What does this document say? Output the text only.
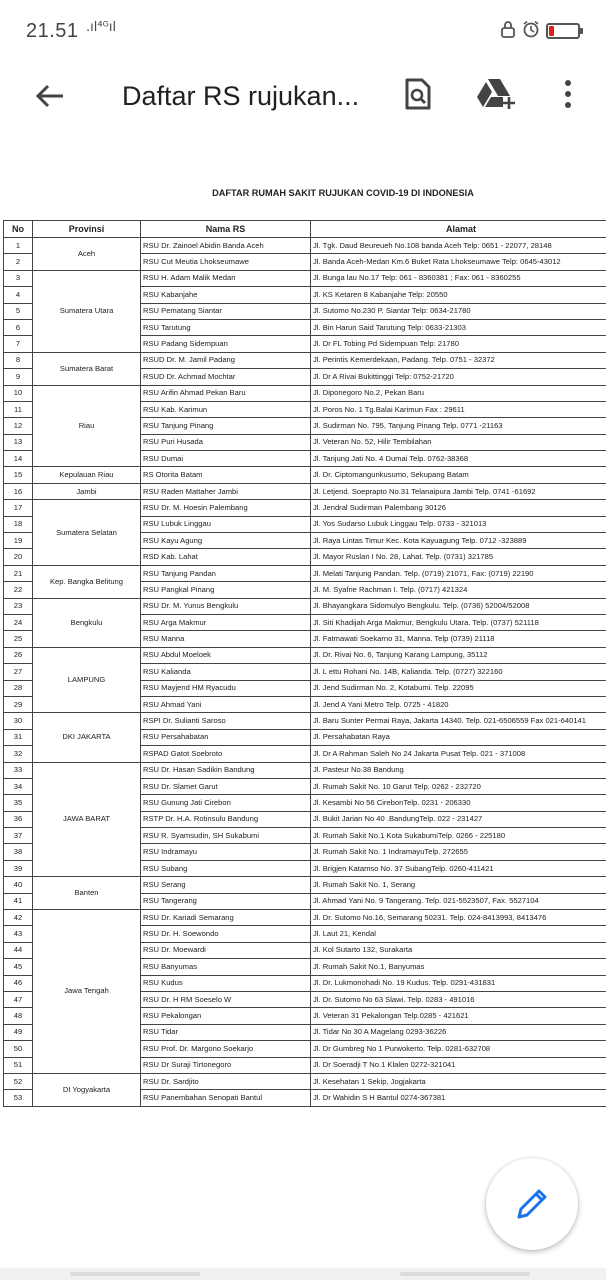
21.51 .ıl⁴ᴳıl
Daftar RS rujukan...
DAFTAR RUMAH SAKIT RUJUKAN COVID-19 DI INDONESIA
No	Provinsi	Nama RS	Alamat
1	Aceh	RSU Dr. Zainoel Abidin Banda Aceh	Jl. Tgk. Daud Beureueh No.108 banda Aceh Telp: 0651 - 22077, 28148
2		RSU Cut Meutia Lhokseumawe	Jl. Banda Aceh-Medan Km.6 Buket Rata Lhokseumawe Telp: 0645-43012
3	Sumatera Utara	RSU H. Adam Malik Medan	Jl. Bunga lau No.17 Telp: 061 - 8360381 ; Fax: 061 - 8360255
4		RSU Kabanjahe	Jl. KS Ketaren 8 Kabanjahe Telp: 20550
5		RSU Pematang Siantar	Jl. Sutomo No.230 P. Siantar Telp: 0634-21780
6		RSU Tarutung	Jl. Bin Harun Said Tarutung Telp: 0633-21303
7		RSU Padang Sidempuan	Jl. Dr FL Tobing Pd Sidempuan Telp: 21780
8	Sumatera Barat	RSUD Dr. M. Jamil Padang	Jl. Perintis Kemerdekaan, Padang. Telp. 0751 - 32372
9		RSUD Dr. Achmad Mochtar	Jl. Dr A Rivai Bukittinggi Telp: 0752-21720
10	Riau	RSU Arifin Ahmad Pekan Baru	Jl. Diponegoro No.2, Pekan Baru
11		RSU Kab. Karimun	Jl. Poros No. 1 Tg.Balai Karimun Fax : 29611
12		RSU Tanjung Pinang	Jl. Sudirman No. 795, Tanjung Pinang Telp. 0771 -21163
13		RSU Puri Husada	Jl. Veteran No. 52, Hilir Tembilahan
14		RSU Dumai	Jl. Tanjung Jati No. 4 Dumai Telp. 0762-38368
15	Kepulauan Riau	RS Otorita Batam	Jl. Dr. Ciptomangunkusumo, Sekupang Batam
16	Jambi	RSU Raden Mattaher Jambi	Jl. Letjend. Soeprapto No.31 Telanaipura Jambi Telp. 0741 -61692
17	Sumatera Selatan	RSU Dr. M. Hoesin Palembang	Jl. Jendral Sudirman Palembang 30126
18		RSU Lubuk Linggau	Jl. Yos Sudarso Lubuk Linggau Telp. 0733 - 321013
19		RSU Kayu Agung	Jl. Raya Lintas Timur Kec. Kota Kayuagung Telp. 0712 -323889
20		RSD Kab. Lahat	Jl. Mayor Ruslan I No. 28, Lahat. Telp. (0731) 321785
21	Kep. Bangka Belitung	RSU Tanjung Pandan	Jl. Melati Tanjung Pandan. Telp. (0719) 21071, Fax: (0719) 22190
22		RSU Pangkal Pinang	Jl. M. Syafrie Rachman I. Telp. (0717) 421324
23	Bengkulu	RSU Dr. M. Yunus Bengkulu	Jl. Bhayangkara Sidomulyo Bengkulu. Telp. (0736) 52004/52008
24		RSU Arga Makmur	Jl. Siti Khadijah Arga Makmur, Bengkulu Utara. Telp. (0737) 521118
25		RSU Manna	Jl. Fatmawati Soekarno 31, Manna. Telp (0739) 21118
26	LAMPUNG	RSU Abdul Moeloek	Jl. Dr. Rivai No. 6, Tanjung Karang Lampung, 35112
27		RSU Kalianda	Jl. L ettu Rohani No. 14B, Kalianda. Telp. (0727) 322160
28		RSU Mayjend HM Ryacudu	Jl. Jend Sudirman No. 2, Kotabumi. Telp. 22095
29		RSU Ahmad Yani	Jl. Jend A Yani Metro Telp. 0725 - 41820
30	DKI JAKARTA	RSPI Dr. Sulianti Saroso	Jl. Baru Sunter Permai Raya, Jakarta 14340. Telp. 021-6506559 Fax 021-640141
31		RSU Persahabatan	Jl. Persahabatan Raya
32		RSPAD Gatot Soebroto	Jl. Dr A Rahman Saleh No 24 Jakarta Pusat Telp. 021 - 371008
33	JAWA BARAT	RSU Dr. Hasan Sadikin Bandung	Jl. Pasteur No.38 Bandung
34		RSU Dr. Slamet Garut	Jl. Rumah Sakit No. 10 Garut Telp. 0262 - 232720
35		RSU Gunung Jati Cirebon	Jl. Kesambi No 56 CirebonTelp. 0231 - 206330
36		RSTP Dr. H.A. Rotinsulu Bandung	Jl. Bukit Jarian No 40 .BandungTelp. 022 - 231427
37		RSU R. Syamsudin, SH Sukabumi	Jl. Rumah Sakit No.1 Kota SukabumiTelp. 0266 - 225180
38		RSU Indramayu	Jl. Rumah Sakit No. 1 IndramayuTelp. 272655
39		RSU Subang	Jl. Brigjen Katamso No. 37 SubangTelp. 0260-411421
40	Banten	RSU Serang	Jl. Rumah Sakit No. 1, Serang
41		RSU Tangerang	Jl. Ahmad Yani No. 9 Tangerang. Telp. 021-5523507, Fax. 5527104
42	Jawa Tengah	RSU Dr. Kariadi Semarang	Jl. Dr. Sutomo No.16, Semarang 50231. Telp. 024-8413993, 8413476
43		RSU Dr. H. Soewondo	Jl. Laut 21, Kendal
44		RSU Dr. Moewardi	Jl. Kol Sutarto 132, Surakarta
45		RSU Banyumas	Jl. Rumah Sakit No.1, Banyumas
46		RSU Kudus	Jl. Dr. Lukmonohadi No. 19 Kudus. Telp. 0291-431831
47		RSU Dr. H RM Soeselo W	Jl. Dr. Sutomo No 63 Slawi. Telp. 0283 - 491016
48		RSU Pekalongan	Jl. Veteran 31 Pekalongan Telp.0285 - 421621
49		RSU Tidar	Jl. Tidar No 30 A Magelang 0293-36226
50		RSU Prof. Dr. Margono Soekarjo	Jl. Dr Gumbreg No 1 Purwokerto. Telp. 0281-632708
51		RSU Dr Suraji Tirtonegoro	Jl. Dr Soeradji T No.1 Klalen 0272-321041
52	DI Yogyakarta	RSU Dr. Sardjito	Jl. Kesehatan 1 Sekip, Jogjakarta
53		RSU Panembahan Senopati Bantul	Jl. Dr Wahidin S H Bantul 0274-367381
